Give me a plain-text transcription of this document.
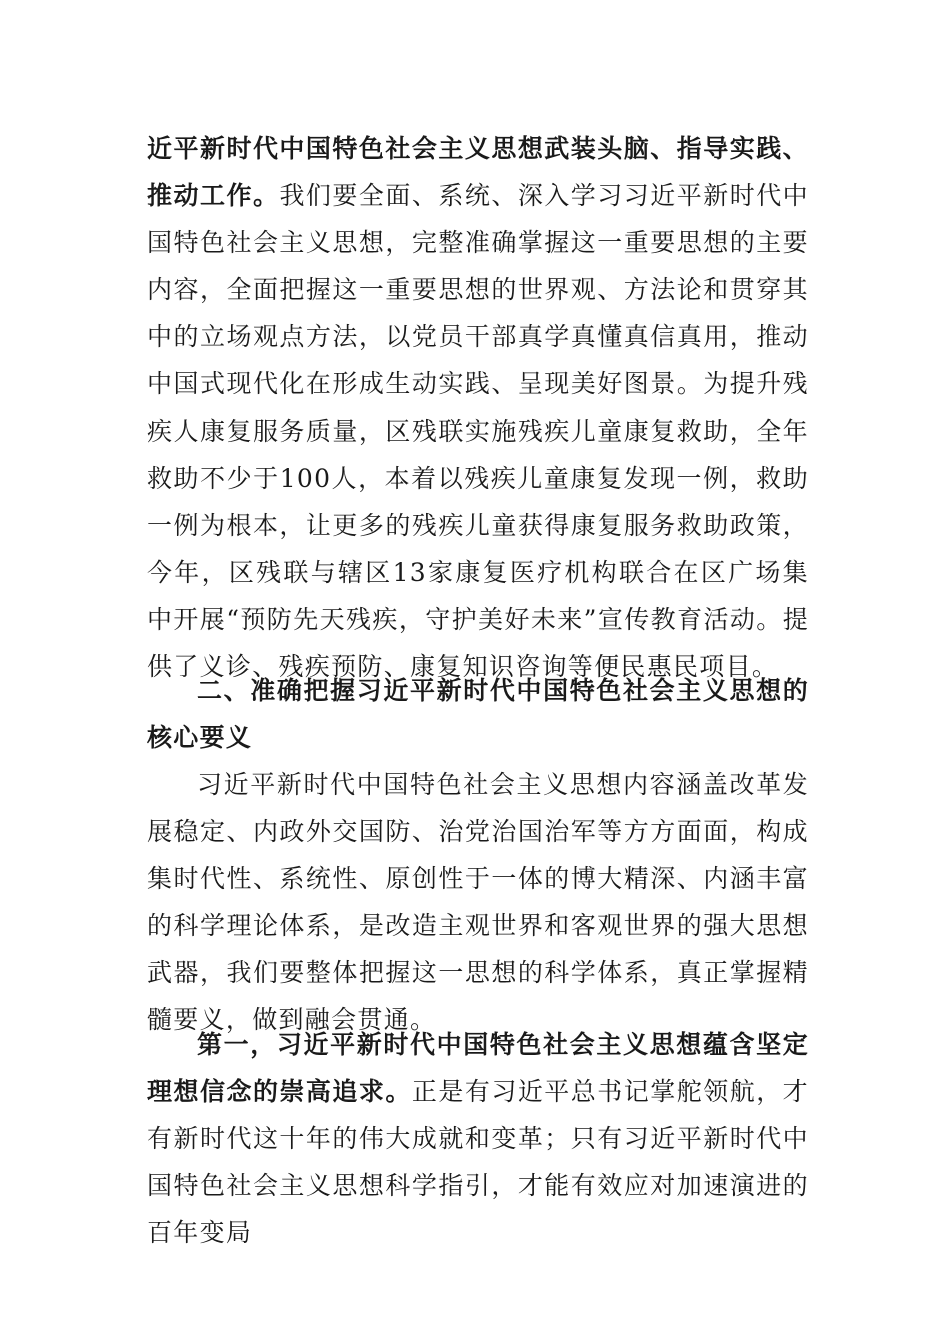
近平新时代中国特色社会主义思想武装头脑、指导实践、推动工作。我们要全面、系统、深入学习习近平新时代中国特色社会主义思想，完整准确掌握这一重要思想的主要内容，全面把握这一重要思想的世界观、方法论和贯穿其中的立场观点方法，以党员干部真学真懂真信真用，推动中国式现代化在形成生动实践、呈现美好图景。为提升残疾人康复服务质量，区残联实施残疾儿童康复救助，全年救助不少于100人，本着以残疾儿童康复发现一例，救助一例为根本，让更多的残疾儿童获得康复服务救助政策，今年，区残联与辖区13家康复医疗机构联合在区广场集中开展“预防先天残疾，守护美好未来”宣传教育活动。提供了义诊、残疾预防、康复知识咨询等便民惠民项目。

二、准确把握习近平新时代中国特色社会主义思想的核心要义

习近平新时代中国特色社会主义思想内容涵盖改革发展稳定、内政外交国防、治党治国治军等方方面面，构成集时代性、系统性、原创性于一体的博大精深、内涵丰富的科学理论体系，是改造主观世界和客观世界的强大思想武器，我们要整体把握这一思想的科学体系，真正掌握精髓要义，做到融会贯通。

第一，习近平新时代中国特色社会主义思想蕴含坚定理想信念的崇高追求。正是有习近平总书记掌舵领航，才有新时代这十年的伟大成就和变革；只有习近平新时代中国特色社会主义思想科学指引，才能有效应对加速演进的百年变局
